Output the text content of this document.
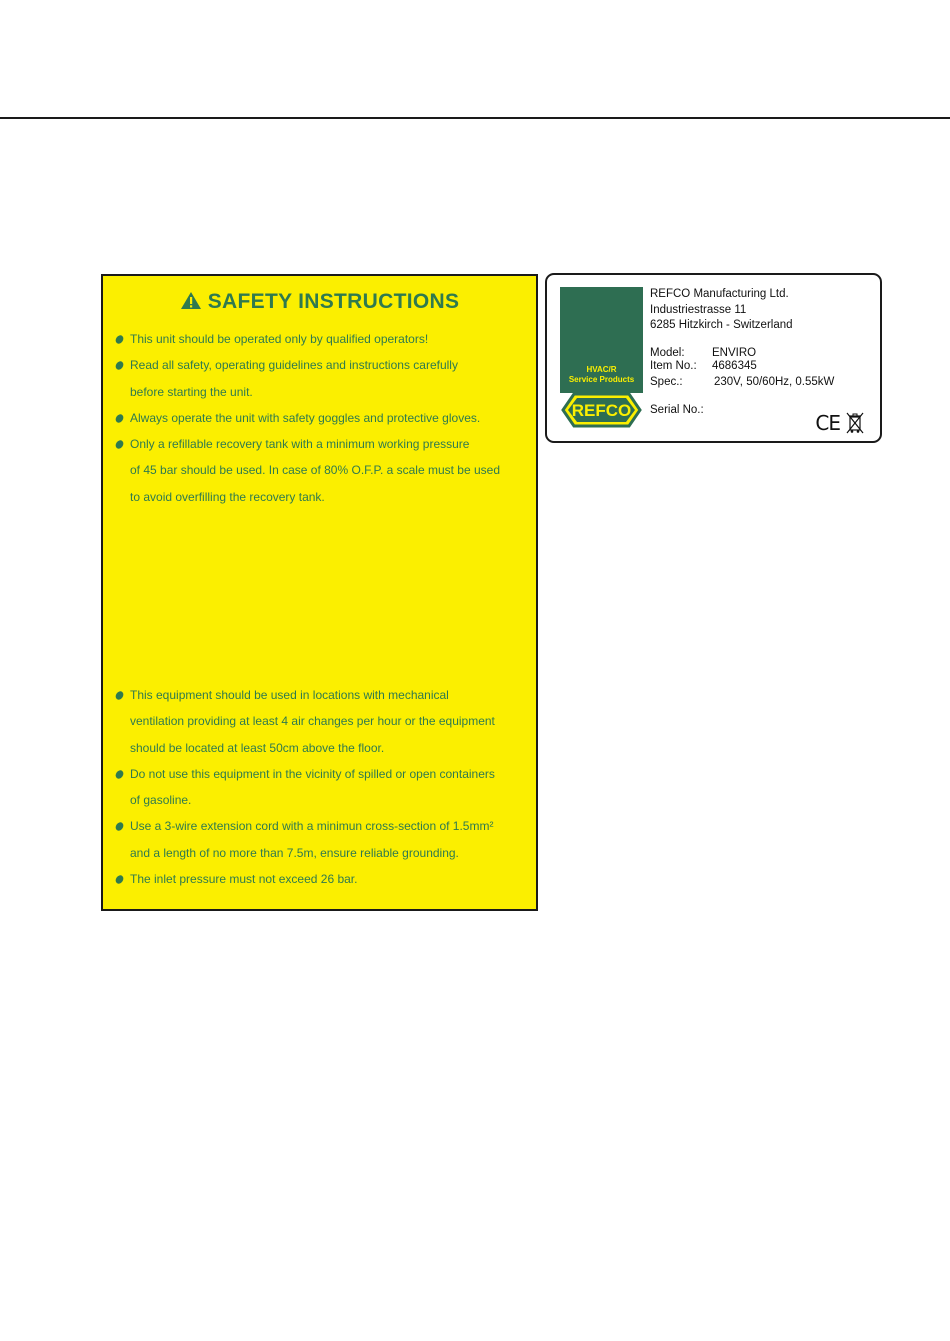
SAFETY INSTRUCTIONS
This unit should be operated only by qualified operators!
Read all safety, operating guidelines and instructions carefully
before starting the unit.
Always operate the unit with safety goggles and protective gloves.
Only a refillable recovery tank with a minimum working pressure
of 45 bar should be used. In case of 80% O.F.P. a scale must be used
to avoid overfilling the recovery tank.
This equipment should be used in locations with mechanical
ventilation providing at least 4 air changes per hour or the equipment
should be located at least 50cm above the floor.
Do not use this equipment in the vicinity of spilled or open containers
of gasoline.
Use a 3-wire extension cord with a minimun cross-section of 1.5mm²
and a length of no more than 7.5m, ensure reliable grounding.
The inlet pressure must not exceed 26 bar.
HVAC/R
Service Products
REFCO
REFCO Manufacturing Ltd.
Industriestrasse 11
6285 Hitzkirch - Switzerland
Model: ENVIRO
Item No.: 4686345
Spec.:	230V, 50/60Hz, 0.55kW
Serial No.:
CE
